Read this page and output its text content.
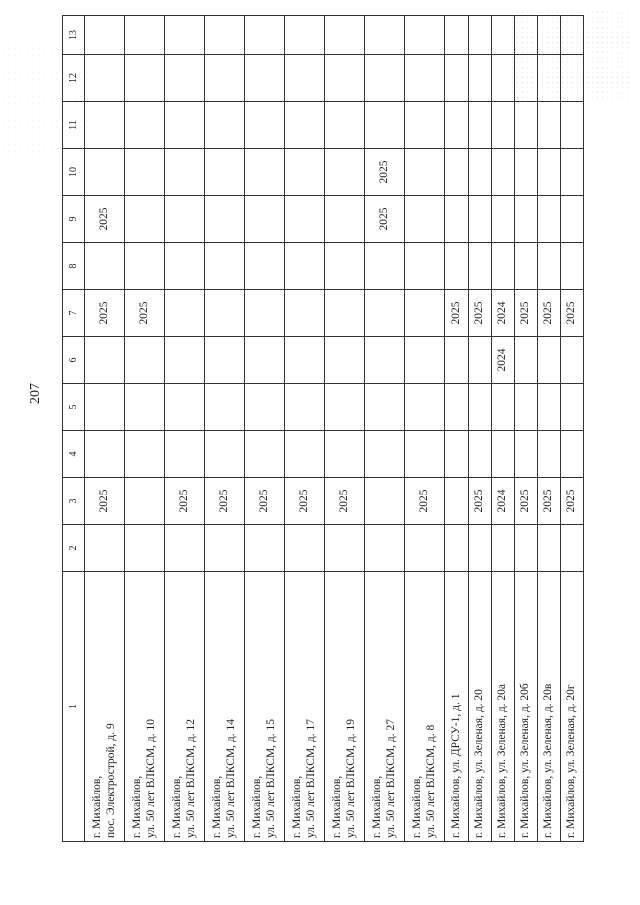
207
1	2	3	4	5	6	7	8	9	10	11	12	13
г. Михайлов,
пос. Электрострой, д. 9		2025				2025		2025				
г. Михайлов,
ул. 50 лет ВЛКСМ, д. 10						2025						
г. Михайлов,
ул. 50 лет ВЛКСМ, д. 12		2025										
г. Михайлов,
ул. 50 лет ВЛКСМ, д. 14		2025										
г. Михайлов,
ул. 50 лет ВЛКСМ, д. 15		2025										
г. Михайлов,
ул. 50 лет ВЛКСМ, д. 17		2025										
г. Михайлов,
ул. 50 лет ВЛКСМ, д. 19		2025										
г. Михайлов,
ул. 50 лет ВЛКСМ, д. 27								2025	2025			
г. Михайлов,
ул. 50 лет ВЛКСМ, д. 8		2025										
г. Михайлов, ул. ДРСУ-1, д. 1						2025						
г. Михайлов, ул. Зеленая, д. 20		2025				2025						
г. Михайлов, ул. Зеленая, д. 20а		2024			2024	2024						
г. Михайлов, ул. Зеленая, д. 20б		2025				2025						
г. Михайлов, ул. Зеленая, д. 20в		2025				2025						
г. Михайлов, ул. Зеленая, д. 20г		2025				2025						
